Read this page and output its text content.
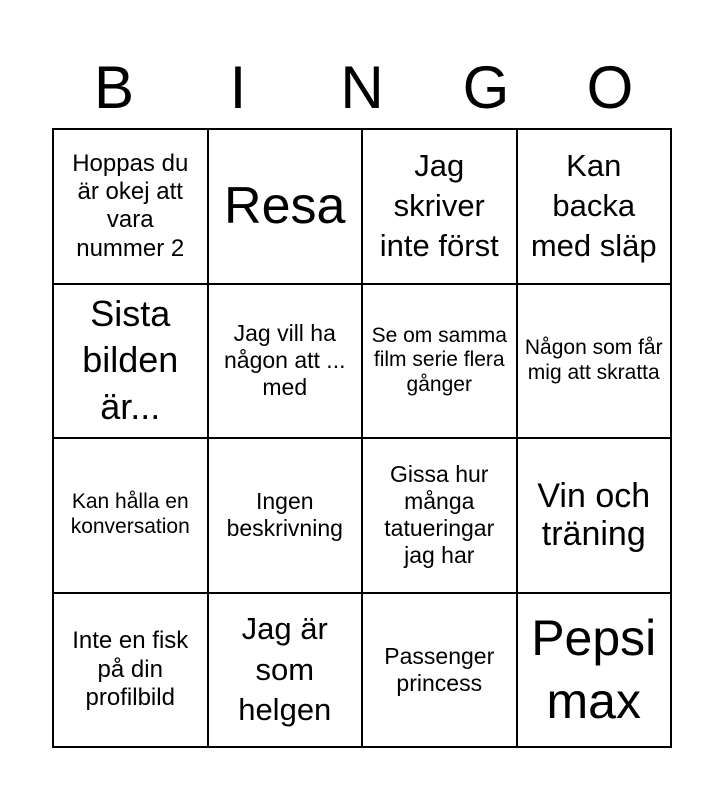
B	I	N	G	O
Hoppas du är okej att vara nummer 2
Resa
Jag skriver inte först
Kan backa med släp
Sista bilden är...
Jag vill ha någon att ... med
Se om samma film serie flera gånger
Någon som får mig att skratta
Kan hålla en konversation
Ingen beskrivning
Gissa hur många tatueringar jag har
Vin och träning
Inte en fisk på din profilbild
Jag är som helgen
Passenger princess
Pepsi max
